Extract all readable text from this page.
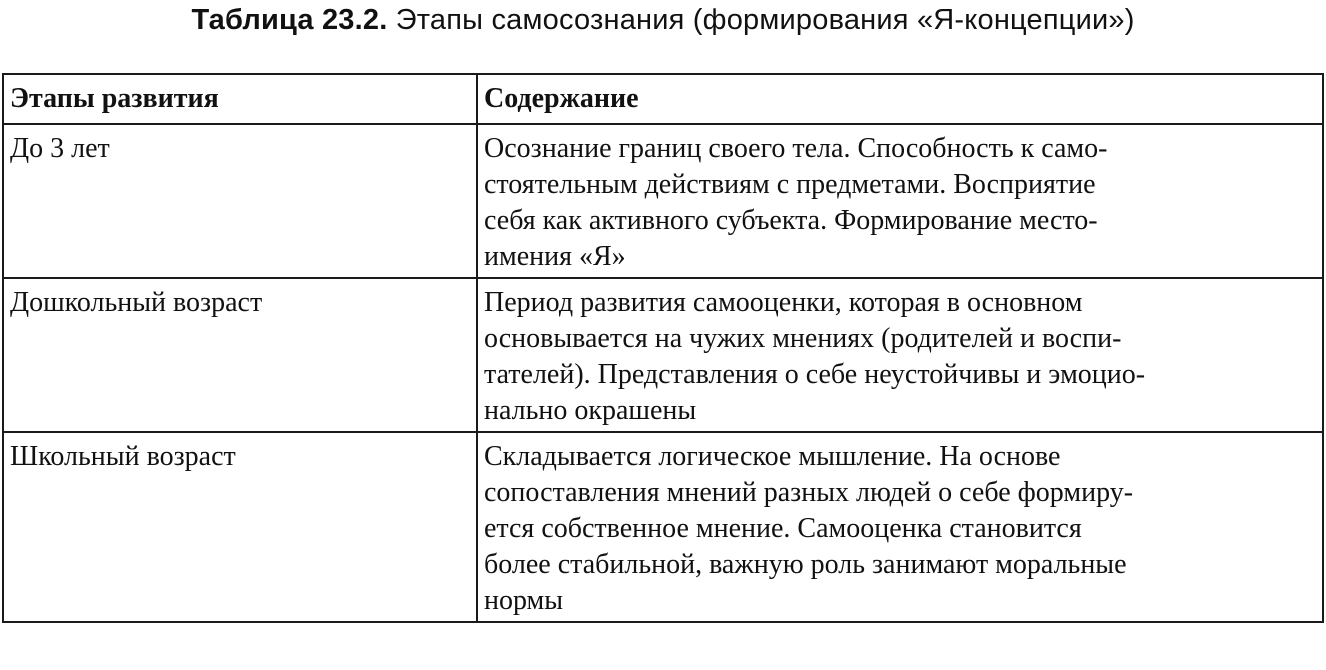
Таблица 23.2. Этапы самосознания (формирования «Я-концепции»)
Этапы развития	Содержание
До 3 лет	Осознание границ своего тела. Способность к само-
стоятельным действиям с предметами. Восприятие
себя как активного субъекта. Формирование место-
имения «Я»

Дошкольный возраст	Период развития самооценки, которая в основном
основывается на чужих мнениях (родителей и воспи-
тателей). Представления о себе неустойчивы и эмоцио-
нально окрашены

Школьный возраст	Складывается логическое мышление. На основе
сопоставления мнений разных людей о себе формиру-
ется собственное мнение. Самооценка становится
более стабильной, важную роль занимают моральные
нормы
